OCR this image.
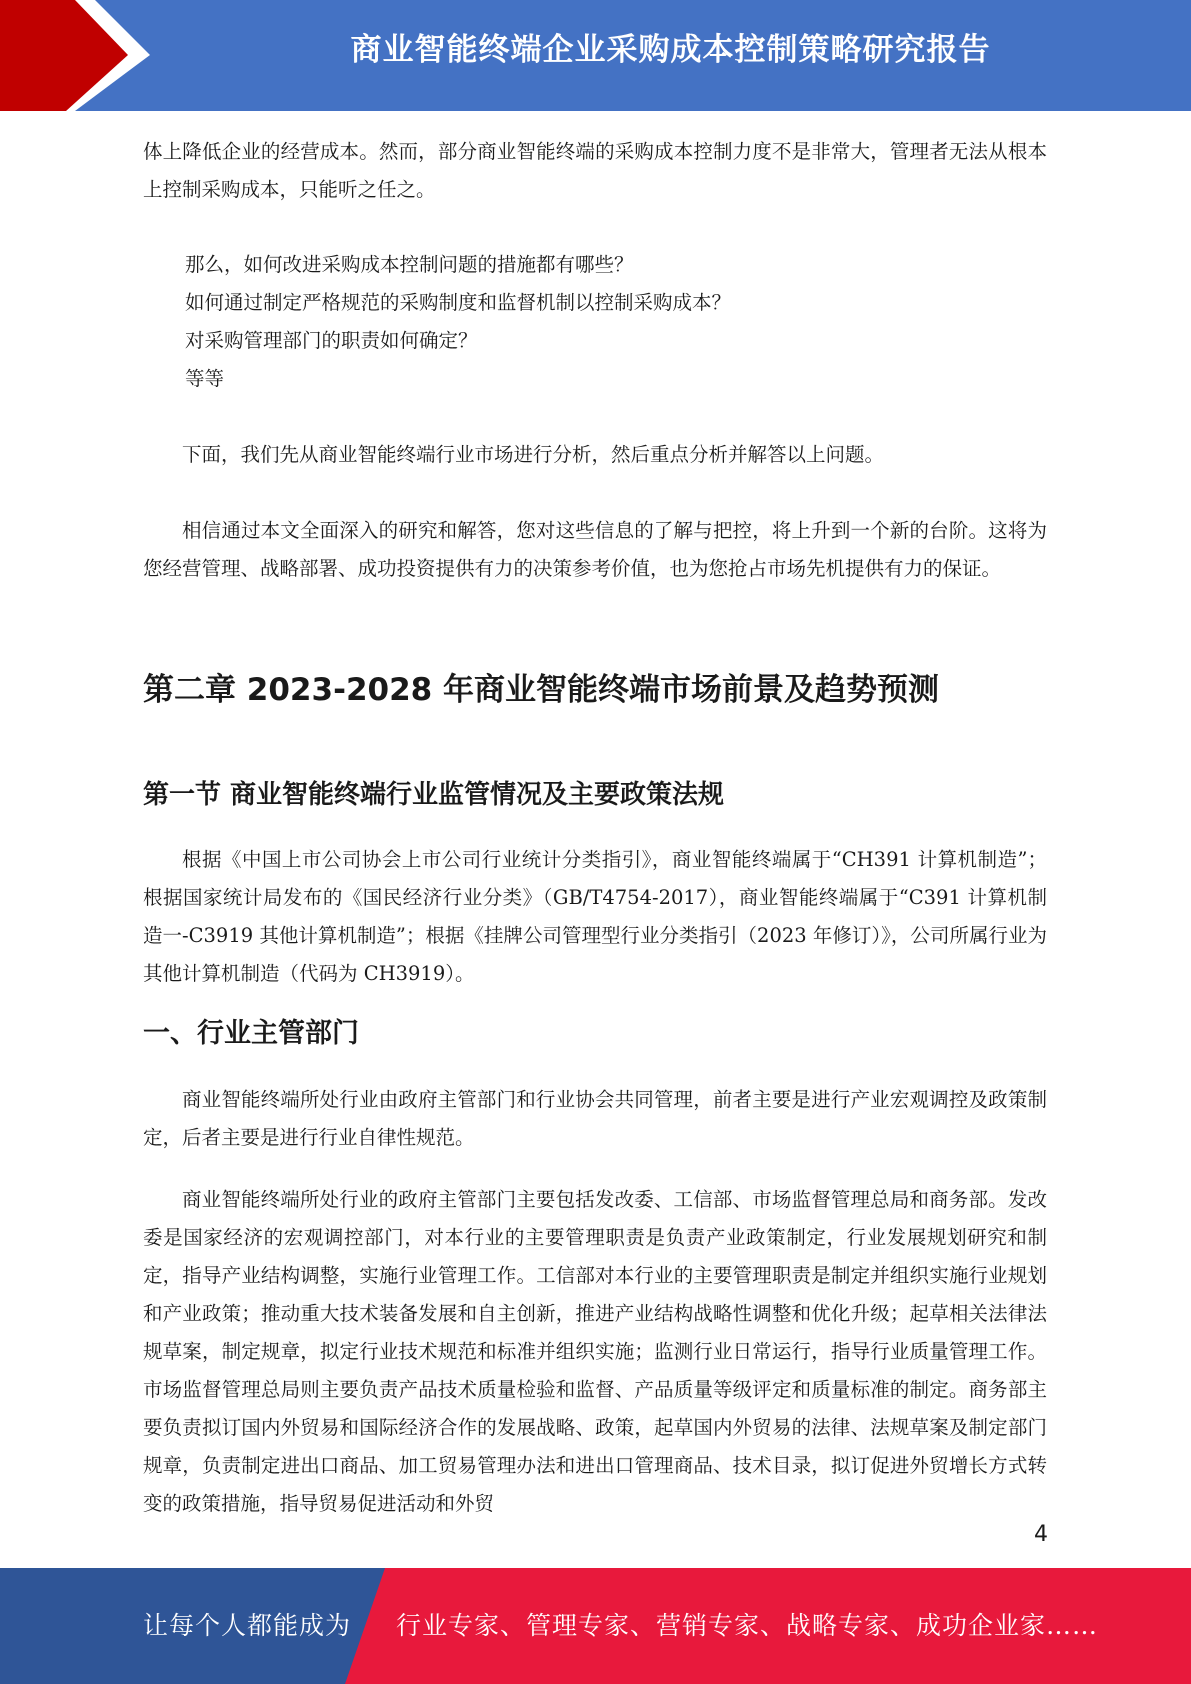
商业智能终端企业采购成本控制策略研究报告

体上降低企业的经营成本。然而，部分商业智能终端的采购成本控制力度不是非常大，管理者无法从根本上控制采购成本，只能听之任之。

那么，如何改进采购成本控制问题的措施都有哪些？

如何通过制定严格规范的采购制度和监督机制以控制采购成本？

对采购管理部门的职责如何确定？

等等

下面，我们先从商业智能终端行业市场进行分析，然后重点分析并解答以上问题。

相信通过本文全面深入的研究和解答，您对这些信息的了解与把控，将上升到一个新的台阶。这将为您经营管理、战略部署、成功投资提供有力的决策参考价值，也为您抢占市场先机提供有力的保证。

第二章 2023-2028 年商业智能终端市场前景及趋势预测
第一节 商业智能终端行业监管情况及主要政策法规

根据《中国上市公司协会上市公司行业统计分类指引》，商业智能终端属于“CH391 计算机制造”；根据国家统计局发布的《国民经济行业分类》（GB/T4754-2017），商业智能终端属于“C391 计算机制造一-C3919 其他计算机制造”；根据《挂牌公司管理型行业分类指引（2023 年修订）》，公司所属行业为其他计算机制造（代码为 CH3919）。

一、行业主管部门

商业智能终端所处行业由政府主管部门和行业协会共同管理，前者主要是进行产业宏观调控及政策制定，后者主要是进行行业自律性规范。

商业智能终端所处行业的政府主管部门主要包括发改委、工信部、市场监督管理总局和商务部。发改委是国家经济的宏观调控部门，对本行业的主要管理职责是负责产业政策制定，行业发展规划研究和制定，指导产业结构调整，实施行业管理工作。工信部对本行业的主要管理职责是制定并组织实施行业规划和产业政策；推动重大技术装备发展和自主创新，推进产业结构战略性调整和优化升级；起草相关法律法规草案，制定规章，拟定行业技术规范和标准并组织实施；监测行业日常运行，指导行业质量管理工作。市场监督管理总局则主要负责产品技术质量检验和监督、产品质量等级评定和质量标准的制定。商务部主要负责拟订国内外贸易和国际经济合作的发展战略、政策，起草国内外贸易的法律、法规草案及制定部门规章，负责制定进出口商品、加工贸易管理办法和进出口管理商品、技术目录，拟订促进外贸增长方式转变的政策措施，指导贸易促进活动和外贸

4
让每个人都能成为 行业专家、管理专家、营销专家、战略专家、成功企业家……
